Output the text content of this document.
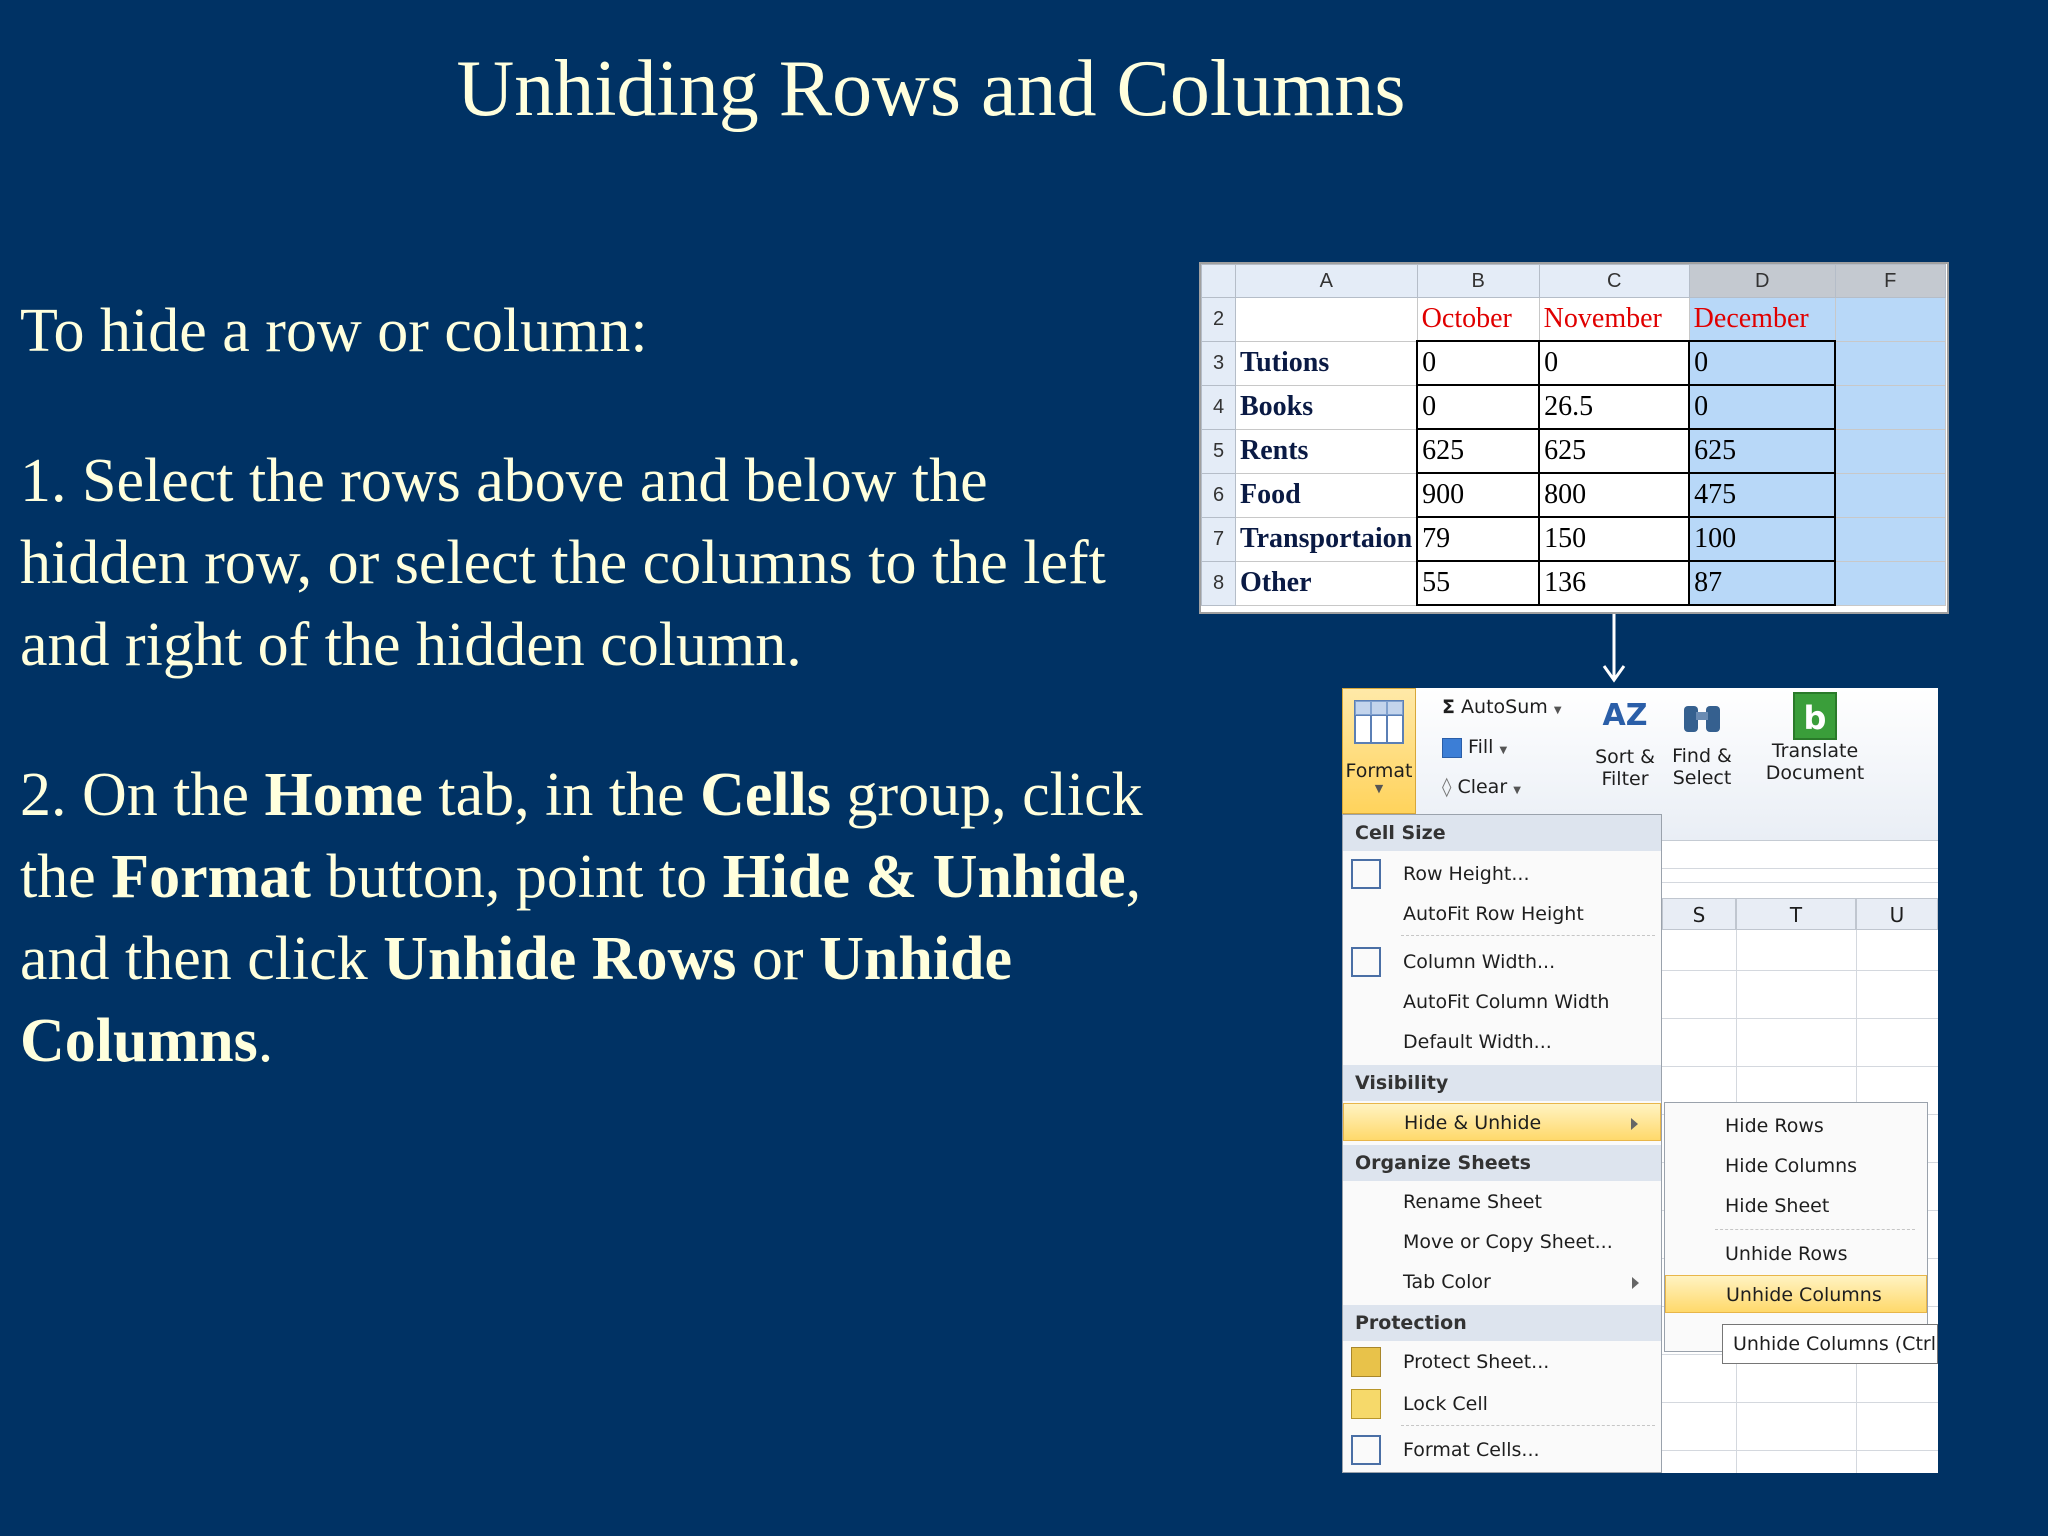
Unhiding Rows and Columns
To hide a row or column:
1. Select the rows above and below the hidden row, or select the columns to the left and right of the hidden column.
2. On the Home tab, in the Cells group, click the Format button, point to Hide & Unhide, and then click Unhide Rows or Unhide Columns.
	A	B	C	D	F
2		October	November	December	
3	Tutions	0	0	0	
4	Books	0	26.5	0	
5	Rents	625	625	625	
6	Food	900	800	475	
7	Transportaion	79	150	100	
8	Other	55	136	87	
Format
▼
Σ AutoSum ▼
Fill ▼
◊ Clear ▼
AZ
Sort &
Filter
Find &
Select
b
Translate
Document
S	T	U
Cell Size
Row Height...
AutoFit Row Height
Column Width...
AutoFit Column Width
Default Width...
Visibility
Hide & Unhide
Organize Sheets
Rename Sheet
Move or Copy Sheet...
Tab Color
Protection
Protect Sheet...
Lock Cell
Format Cells...
Hide Rows
Hide Columns
Hide Sheet
Unhide Rows
Unhide Columns
Unhide Columns (Ctrl
